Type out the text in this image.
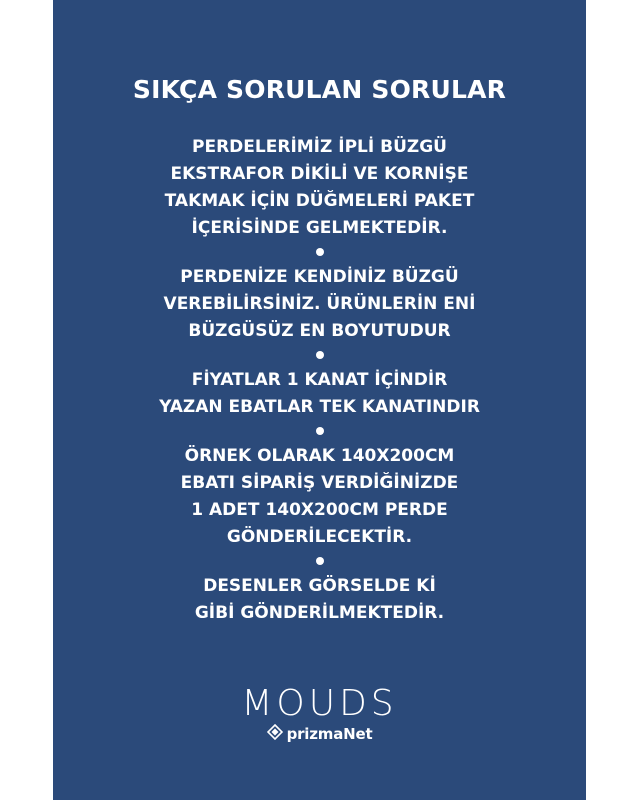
SIKÇA SORULAN SORULAR
PERDELERİMİZ İPLİ BÜZGÜ
EKSTRAFOR DİKİLİ VE KORNİŞE
TAKMAK İÇİN DÜĞMELERİ PAKET
İÇERİSİNDE GELMEKTEDİR.
PERDENİZE KENDİNİZ BÜZGÜ
VEREBİLİRSİNİZ. ÜRÜNLERİN ENİ
BÜZGÜSÜZ EN BOYUTUDUR
FİYATLAR 1 KANAT İÇİNDİR
YAZAN EBATLAR TEK KANATINDIR
ÖRNEK OLARAK 140X200CM
EBATI SİPARİŞ VERDİĞİNİZDE
1 ADET 140X200CM PERDE
GÖNDERİLECEKTİR.
DESENLER GÖRSELDE Kİ
GİBİ GÖNDERİLMEKTEDİR.
MOUDS
prizmaNet
